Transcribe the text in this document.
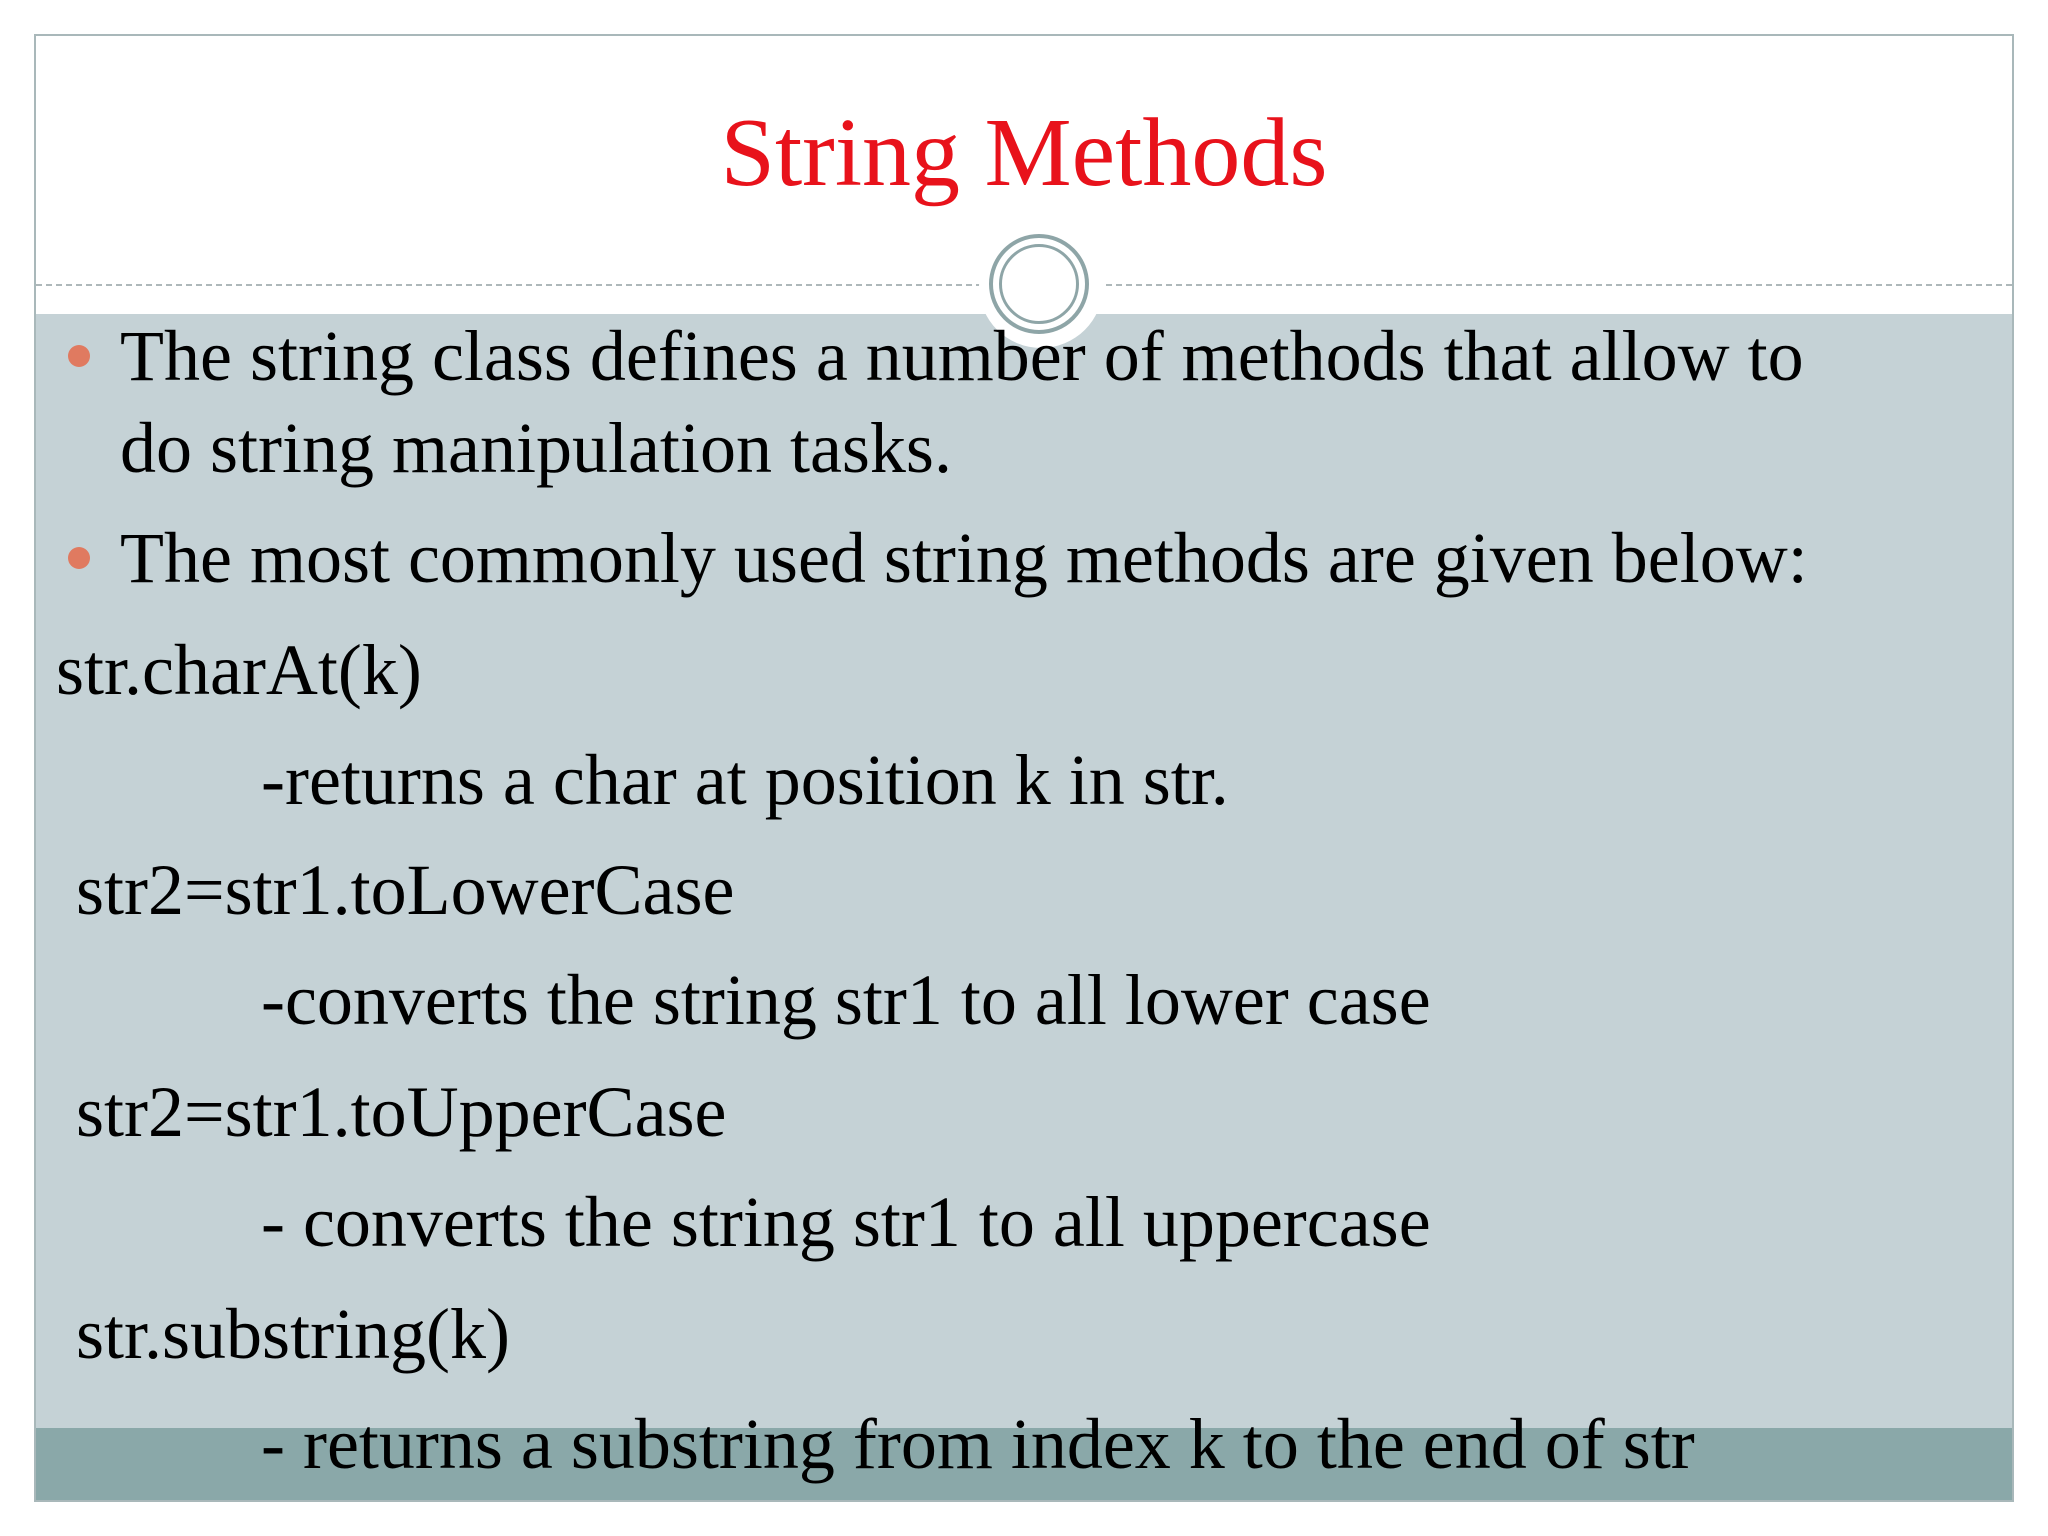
String Methods
The string class defines a number of methods that allow to
do string manipulation tasks.
The most commonly used string methods are given below:
str.charAt(k)
-returns a char at position k in str.
str2=str1.toLowerCase
-converts the string str1 to all lower case
str2=str1.toUpperCase
- converts the string str1 to all uppercase
str.substring(k)
- returns a substring from index k to the end of str
